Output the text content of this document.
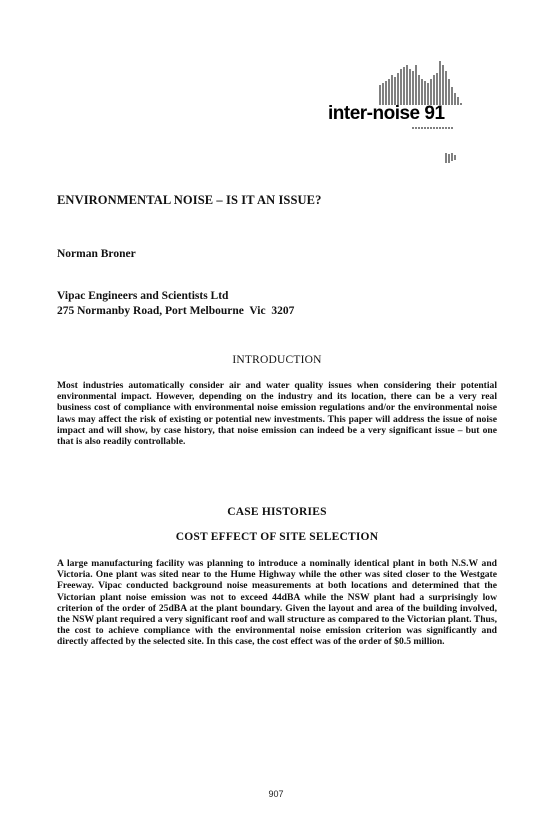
inter-noise 91
ENVIRONMENTAL NOISE – IS IT AN ISSUE?
Norman Broner
Vipac Engineers and Scientists Ltd
275 Normanby Road, Port Melbourne  Vic  3207
INTRODUCTION

Most industries automatically consider air and water quality issues when considering their potential environmental impact. However, depending on the industry and its location, there can be a very real business cost of compliance with environmental noise emission regulations and/or the environmental noise laws may affect the risk of existing or potential new investments. This paper will address the issue of noise impact and will show, by case history, that noise emission can indeed be a very significant issue – but one that is also readily controllable.

CASE HISTORIES
COST EFFECT OF SITE SELECTION

A large manufacturing facility was planning to introduce a nominally identical plant in both N.S.W and Victoria. One plant was sited near to the Hume Highway while the other was sited closer to the Westgate Freeway. Vipac conducted background noise measurements at both locations and determined that the Victorian plant noise emission was not to exceed 44dBA while the NSW plant had a surprisingly low criterion of the order of 25dBA at the plant boundary. Given the layout and area of the building involved, the NSW plant required a very significant roof and wall structure as compared to the Victorian plant. Thus, the cost to achieve compliance with the environmental noise emission criterion was significantly and directly affected by the selected site. In this case, the cost effect was of the order of $0.5 million.

907
